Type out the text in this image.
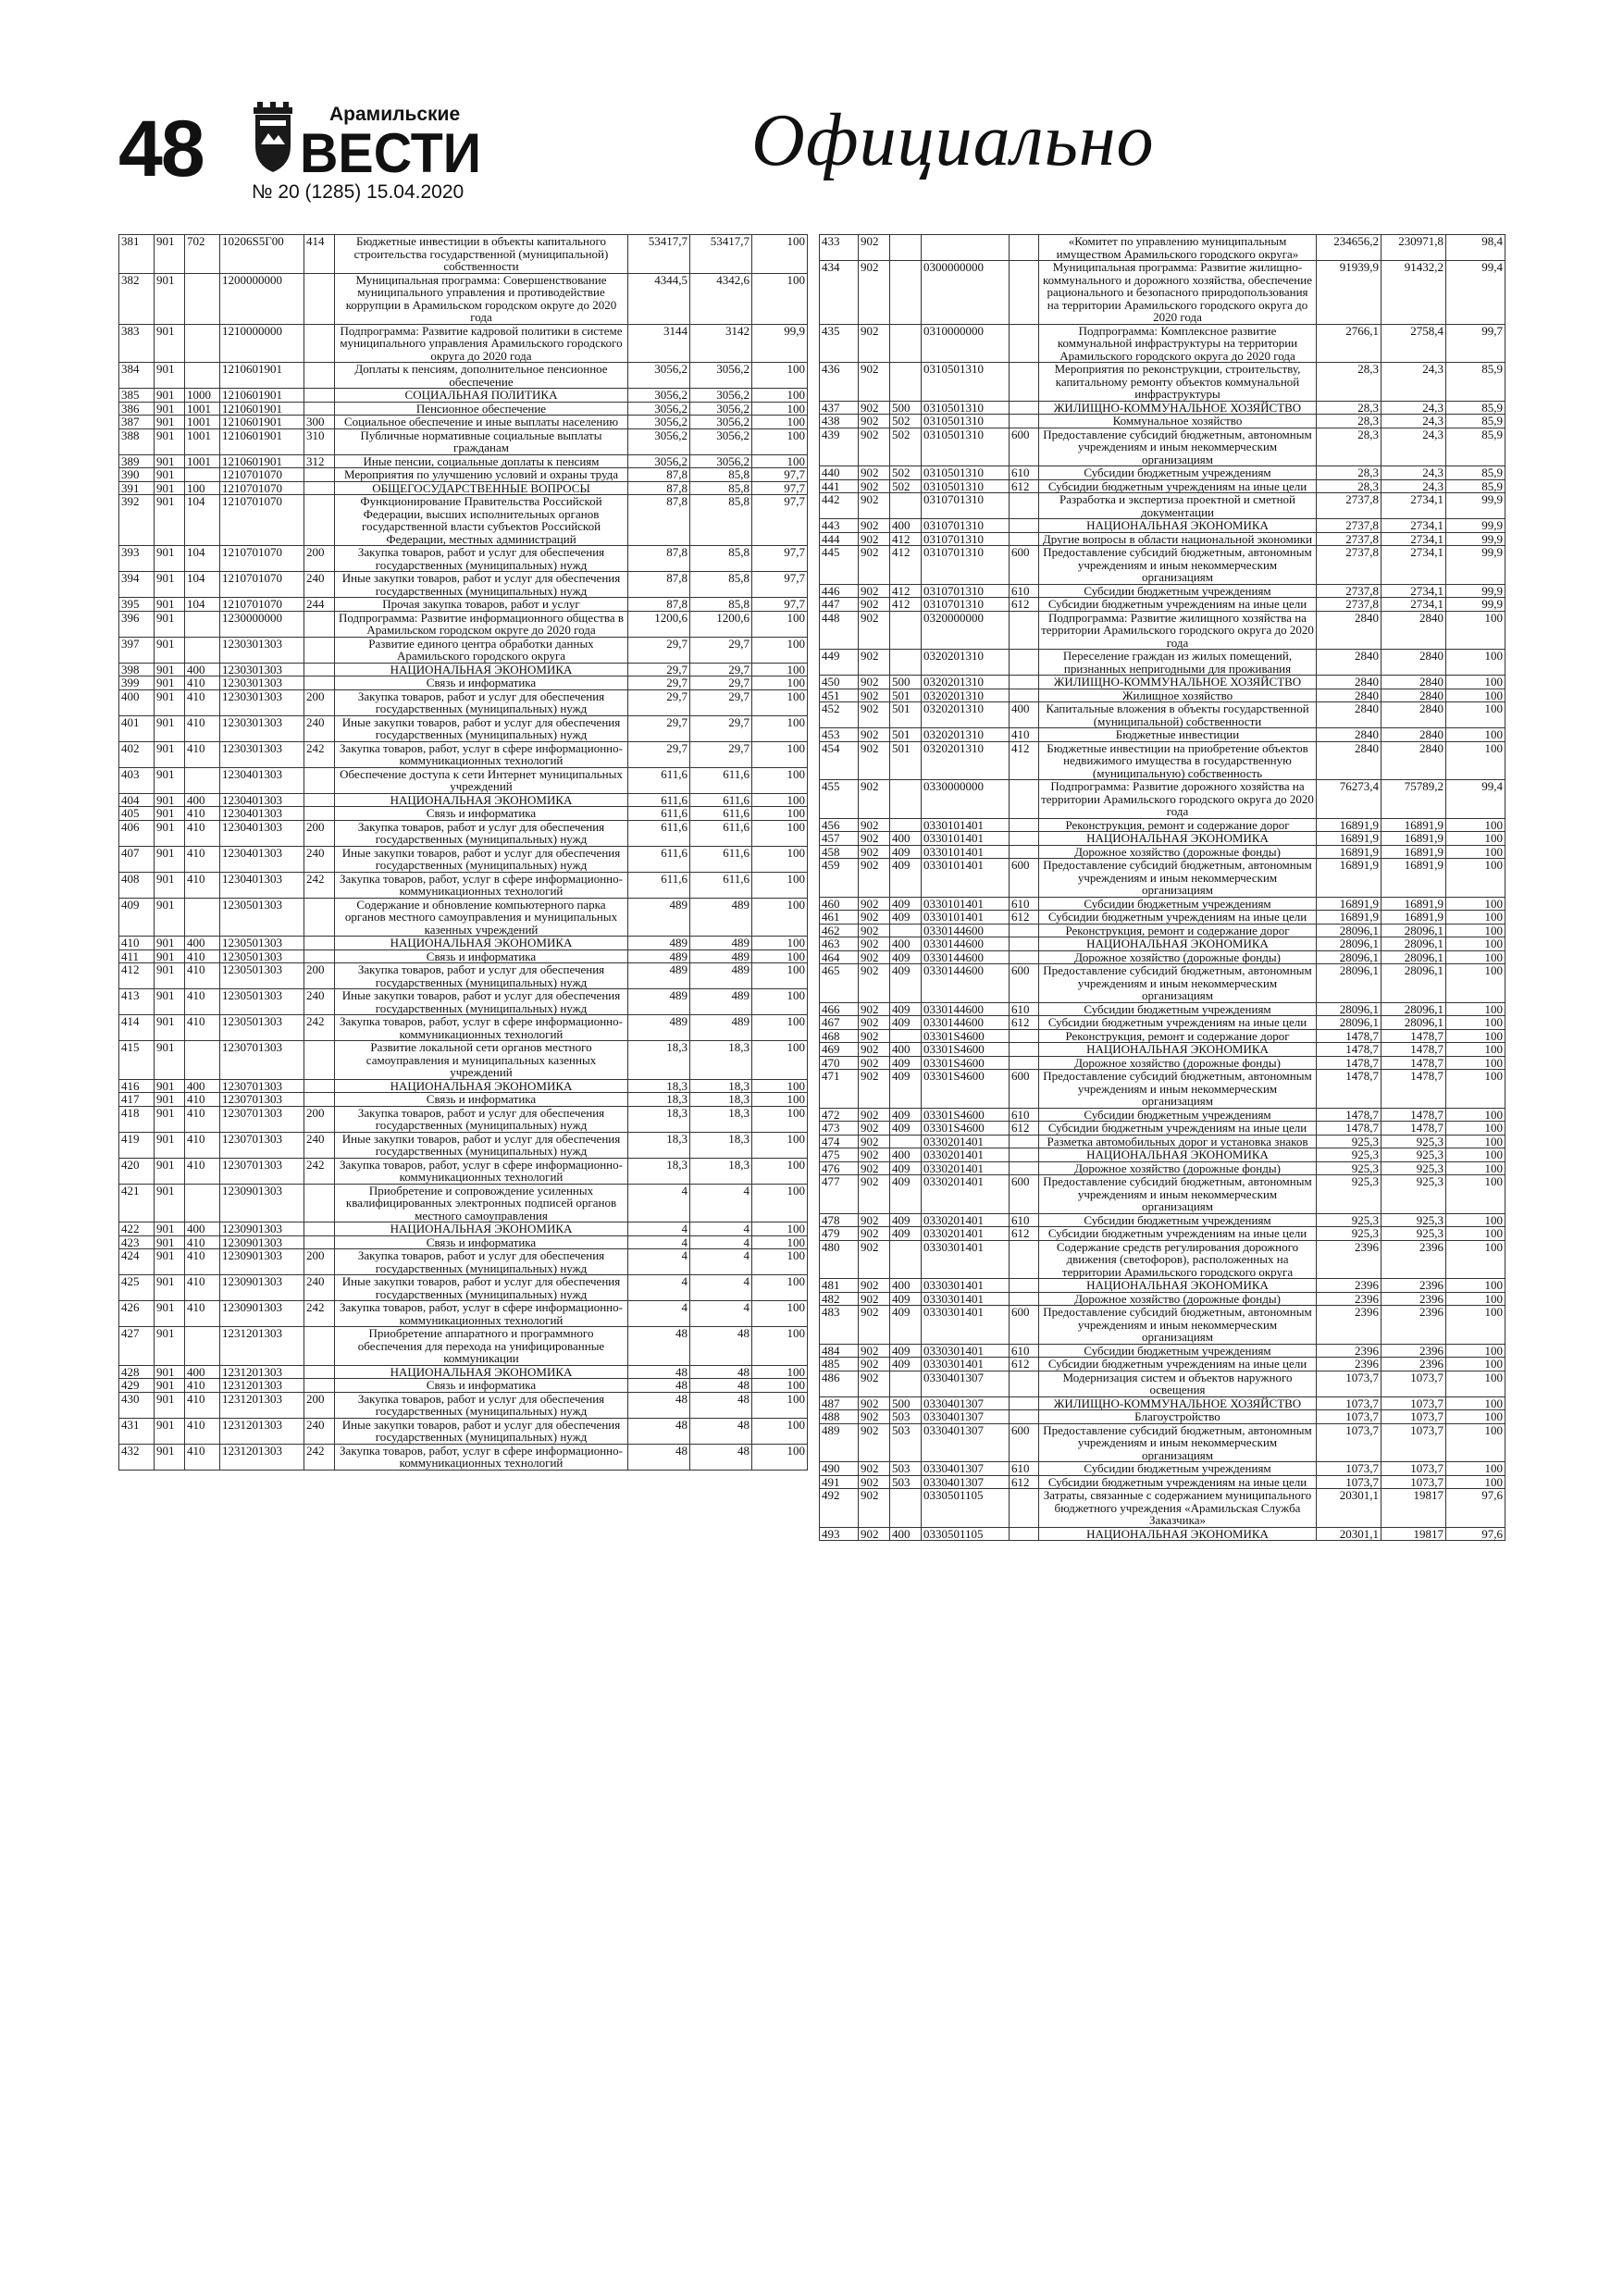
48	Арамильские
ВЕСТИ
№ 20 (1285) 15.04.2020
Официально
381	901	702	10206S5Г00	414	Бюджетные инвестиции в объекты капитального строительства государственной (муниципальной) собственности	53417,7	53417,7	100
382	901		1200000000		Муниципальная программа: Совершенствование муниципального управления и противодействие коррупции в Арамильском городском округе до 2020 года	4344,5	4342,6	100
383	901		1210000000		Подпрограмма: Развитие кадровой политики в системе муниципального управления Арамильского городского округа до 2020 года	3144	3142	99,9
384	901		1210601901		Доплаты к пенсиям, дополнительное пенсионное обеспечение	3056,2	3056,2	100
385	901	1000	1210601901		СОЦИАЛЬНАЯ ПОЛИТИКА	3056,2	3056,2	100
386	901	1001	1210601901		Пенсионное обеспечение	3056,2	3056,2	100
387	901	1001	1210601901	300	Социальное обеспечение и иные выплаты населению	3056,2	3056,2	100
388	901	1001	1210601901	310	Публичные нормативные социальные выплаты гражданам	3056,2	3056,2	100
389	901	1001	1210601901	312	Иные пенсии, социальные доплаты к пенсиям	3056,2	3056,2	100
390	901		1210701070		Мероприятия по улучшению условий и охраны труда	87,8	85,8	97,7
391	901	100	1210701070		ОБЩЕГОСУДАРСТВЕННЫЕ ВОПРОСЫ	87,8	85,8	97,7
392	901	104	1210701070		Функционирование Правительства Российской Федерации, высших исполнительных органов государственной власти субъектов Российской Федерации, местных администраций	87,8	85,8	97,7
393	901	104	1210701070	200	Закупка товаров, работ и услуг для обеспечения государственных (муниципальных) нужд	87,8	85,8	97,7
394	901	104	1210701070	240	Иные закупки товаров, работ и услуг для обеспечения государственных (муниципальных) нужд	87,8	85,8	97,7
395	901	104	1210701070	244	Прочая закупка товаров, работ и услуг	87,8	85,8	97,7
396	901		1230000000		Подпрограмма: Развитие информационного общества в Арамильском городском округе до 2020 года	1200,6	1200,6	100
397	901		1230301303		Развитие единого центра обработки данных Арамильского городского округа	29,7	29,7	100
398	901	400	1230301303		НАЦИОНАЛЬНАЯ ЭКОНОМИКА	29,7	29,7	100
399	901	410	1230301303		Связь и информатика	29,7	29,7	100
400	901	410	1230301303	200	Закупка товаров, работ и услуг для обеспечения государственных (муниципальных) нужд	29,7	29,7	100
401	901	410	1230301303	240	Иные закупки товаров, работ и услуг для обеспечения государственных (муниципальных) нужд	29,7	29,7	100
402	901	410	1230301303	242	Закупка товаров, работ, услуг в сфере информационно-коммуникационных технологий	29,7	29,7	100
403	901		1230401303		Обеспечение доступа к сети Интернет муниципальных учреждений	611,6	611,6	100
404	901	400	1230401303		НАЦИОНАЛЬНАЯ ЭКОНОМИКА	611,6	611,6	100
405	901	410	1230401303		Связь и информатика	611,6	611,6	100
406	901	410	1230401303	200	Закупка товаров, работ и услуг для обеспечения государственных (муниципальных) нужд	611,6	611,6	100
407	901	410	1230401303	240	Иные закупки товаров, работ и услуг для обеспечения государственных (муниципальных) нужд	611,6	611,6	100
408	901	410	1230401303	242	Закупка товаров, работ, услуг в сфере информационно-коммуникационных технологий	611,6	611,6	100
409	901		1230501303		Содержание и обновление компьютерного парка органов местного самоуправления и муниципальных казенных учреждений	489	489	100
410	901	400	1230501303		НАЦИОНАЛЬНАЯ ЭКОНОМИКА	489	489	100
411	901	410	1230501303		Связь и информатика	489	489	100
412	901	410	1230501303	200	Закупка товаров, работ и услуг для обеспечения государственных (муниципальных) нужд	489	489	100
413	901	410	1230501303	240	Иные закупки товаров, работ и услуг для обеспечения государственных (муниципальных) нужд	489	489	100
414	901	410	1230501303	242	Закупка товаров, работ, услуг в сфере информационно-коммуникационных технологий	489	489	100
415	901		1230701303		Развитие локальной сети органов местного самоуправления и муниципальных казенных учреждений	18,3	18,3	100
416	901	400	1230701303		НАЦИОНАЛЬНАЯ ЭКОНОМИКА	18,3	18,3	100
417	901	410	1230701303		Связь и информатика	18,3	18,3	100
418	901	410	1230701303	200	Закупка товаров, работ и услуг для обеспечения государственных (муниципальных) нужд	18,3	18,3	100
419	901	410	1230701303	240	Иные закупки товаров, работ и услуг для обеспечения государственных (муниципальных) нужд	18,3	18,3	100
420	901	410	1230701303	242	Закупка товаров, работ, услуг в сфере информационно-коммуникационных технологий	18,3	18,3	100
421	901		1230901303		Приобретение и сопровождение усиленных квалифицированных электронных подписей органов местного самоуправления	4	4	100
422	901	400	1230901303		НАЦИОНАЛЬНАЯ ЭКОНОМИКА	4	4	100
423	901	410	1230901303		Связь и информатика	4	4	100
424	901	410	1230901303	200	Закупка товаров, работ и услуг для обеспечения государственных (муниципальных) нужд	4	4	100
425	901	410	1230901303	240	Иные закупки товаров, работ и услуг для обеспечения государственных (муниципальных) нужд	4	4	100
426	901	410	1230901303	242	Закупка товаров, работ, услуг в сфере информационно-коммуникационных технологий	4	4	100
427	901		1231201303		Приобретение аппаратного и программного обеспечения для перехода на унифицированные коммуникации	48	48	100
428	901	400	1231201303		НАЦИОНАЛЬНАЯ ЭКОНОМИКА	48	48	100
429	901	410	1231201303		Связь и информатика	48	48	100
430	901	410	1231201303	200	Закупка товаров, работ и услуг для обеспечения государственных (муниципальных) нужд	48	48	100
431	901	410	1231201303	240	Иные закупки товаров, работ и услуг для обеспечения государственных (муниципальных) нужд	48	48	100
432	901	410	1231201303	242	Закупка товаров, работ, услуг в сфере информационно-коммуникационных технологий	48	48	100
433	902				«Комитет по управлению муниципальным имуществом Арамильского городского округа»	234656,2	230971,8	98,4
434	902		0300000000		Муниципальная программа: Развитие жилищно-коммунального и дорожного хозяйства, обеспечение рационального и безопасного природопользования на территории Арамильского городского округа до 2020 года	91939,9	91432,2	99,4
435	902		0310000000		Подпрограмма: Комплексное развитие коммунальной инфраструктуры на территории Арамильского городского округа до 2020 года	2766,1	2758,4	99,7
436	902		0310501310		Мероприятия по реконструкции, строительству, капитальному ремонту объектов коммунальной инфраструктуры	28,3	24,3	85,9
437	902	500	0310501310		ЖИЛИЩНО-КОММУНАЛЬНОЕ ХОЗЯЙСТВО	28,3	24,3	85,9
438	902	502	0310501310		Коммунальное хозяйство	28,3	24,3	85,9
439	902	502	0310501310	600	Предоставление субсидий бюджетным, автономным учреждениям и иным некоммерческим организациям	28,3	24,3	85,9
440	902	502	0310501310	610	Субсидии бюджетным учреждениям	28,3	24,3	85,9
441	902	502	0310501310	612	Субсидии бюджетным учреждениям на иные цели	28,3	24,3	85,9
442	902		0310701310		Разработка и экспертиза проектной и сметной документации	2737,8	2734,1	99,9
443	902	400	0310701310		НАЦИОНАЛЬНАЯ ЭКОНОМИКА	2737,8	2734,1	99,9
444	902	412	0310701310		Другие вопросы в области национальной экономики	2737,8	2734,1	99,9
445	902	412	0310701310	600	Предоставление субсидий бюджетным, автономным учреждениям и иным некоммерческим организациям	2737,8	2734,1	99,9
446	902	412	0310701310	610	Субсидии бюджетным учреждениям	2737,8	2734,1	99,9
447	902	412	0310701310	612	Субсидии бюджетным учреждениям на иные цели	2737,8	2734,1	99,9
448	902		0320000000		Подпрограмма: Развитие жилищного хозяйства на территории Арамильского городского округа до 2020 года	2840	2840	100
449	902		0320201310		Переселение граждан из жилых помещений, признанных непригодными для проживания	2840	2840	100
450	902	500	0320201310		ЖИЛИЩНО-КОММУНАЛЬНОЕ ХОЗЯЙСТВО	2840	2840	100
451	902	501	0320201310		Жилищное хозяйство	2840	2840	100
452	902	501	0320201310	400	Капитальные вложения в объекты государственной (муниципальной) собственности	2840	2840	100
453	902	501	0320201310	410	Бюджетные инвестиции	2840	2840	100
454	902	501	0320201310	412	Бюджетные инвестиции на приобретение объектов недвижимого имущества в государственную (муниципальную) собственность	2840	2840	100
455	902		0330000000		Подпрограмма: Развитие дорожного хозяйства на территории Арамильского городского округа до 2020 года	76273,4	75789,2	99,4
456	902		0330101401		Реконструкция, ремонт и содержание дорог	16891,9	16891,9	100
457	902	400	0330101401		НАЦИОНАЛЬНАЯ ЭКОНОМИКА	16891,9	16891,9	100
458	902	409	0330101401		Дорожное хозяйство (дорожные фонды)	16891,9	16891,9	100
459	902	409	0330101401	600	Предоставление субсидий бюджетным, автономным учреждениям и иным некоммерческим организациям	16891,9	16891,9	100
460	902	409	0330101401	610	Субсидии бюджетным учреждениям	16891,9	16891,9	100
461	902	409	0330101401	612	Субсидии бюджетным учреждениям на иные цели	16891,9	16891,9	100
462	902		0330144600		Реконструкция, ремонт и содержание дорог	28096,1	28096,1	100
463	902	400	0330144600		НАЦИОНАЛЬНАЯ ЭКОНОМИКА	28096,1	28096,1	100
464	902	409	0330144600		Дорожное хозяйство (дорожные фонды)	28096,1	28096,1	100
465	902	409	0330144600	600	Предоставление субсидий бюджетным, автономным учреждениям и иным некоммерческим организациям	28096,1	28096,1	100
466	902	409	0330144600	610	Субсидии бюджетным учреждениям	28096,1	28096,1	100
467	902	409	0330144600	612	Субсидии бюджетным учреждениям на иные цели	28096,1	28096,1	100
468	902		03301S4600		Реконструкция, ремонт и содержание дорог	1478,7	1478,7	100
469	902	400	03301S4600		НАЦИОНАЛЬНАЯ ЭКОНОМИКА	1478,7	1478,7	100
470	902	409	03301S4600		Дорожное хозяйство (дорожные фонды)	1478,7	1478,7	100
471	902	409	03301S4600	600	Предоставление субсидий бюджетным, автономным учреждениям и иным некоммерческим организациям	1478,7	1478,7	100
472	902	409	03301S4600	610	Субсидии бюджетным учреждениям	1478,7	1478,7	100
473	902	409	03301S4600	612	Субсидии бюджетным учреждениям на иные цели	1478,7	1478,7	100
474	902		0330201401		Разметка автомобильных дорог и установка знаков	925,3	925,3	100
475	902	400	0330201401		НАЦИОНАЛЬНАЯ ЭКОНОМИКА	925,3	925,3	100
476	902	409	0330201401		Дорожное хозяйство (дорожные фонды)	925,3	925,3	100
477	902	409	0330201401	600	Предоставление субсидий бюджетным, автономным учреждениям и иным некоммерческим организациям	925,3	925,3	100
478	902	409	0330201401	610	Субсидии бюджетным учреждениям	925,3	925,3	100
479	902	409	0330201401	612	Субсидии бюджетным учреждениям на иные цели	925,3	925,3	100
480	902		0330301401		Содержание средств регулирования дорожного движения (светофоров), расположенных на территории Арамильского городского округа	2396	2396	100
481	902	400	0330301401		НАЦИОНАЛЬНАЯ ЭКОНОМИКА	2396	2396	100
482	902	409	0330301401		Дорожное хозяйство (дорожные фонды)	2396	2396	100
483	902	409	0330301401	600	Предоставление субсидий бюджетным, автономным учреждениям и иным некоммерческим организациям	2396	2396	100
484	902	409	0330301401	610	Субсидии бюджетным учреждениям	2396	2396	100
485	902	409	0330301401	612	Субсидии бюджетным учреждениям на иные цели	2396	2396	100
486	902		0330401307		Модернизация систем и объектов наружного освещения	1073,7	1073,7	100
487	902	500	0330401307		ЖИЛИЩНО-КОММУНАЛЬНОЕ ХОЗЯЙСТВО	1073,7	1073,7	100
488	902	503	0330401307		Благоустройство	1073,7	1073,7	100
489	902	503	0330401307	600	Предоставление субсидий бюджетным, автономным учреждениям и иным некоммерческим организациям	1073,7	1073,7	100
490	902	503	0330401307	610	Субсидии бюджетным учреждениям	1073,7	1073,7	100
491	902	503	0330401307	612	Субсидии бюджетным учреждениям на иные цели	1073,7	1073,7	100
492	902		0330501105		Затраты, связанные с содержанием муниципального бюджетного учреждения «Арамильская Служба Заказчика»	20301,1	19817	97,6
493	902	400	0330501105		НАЦИОНАЛЬНАЯ ЭКОНОМИКА	20301,1	19817	97,6
